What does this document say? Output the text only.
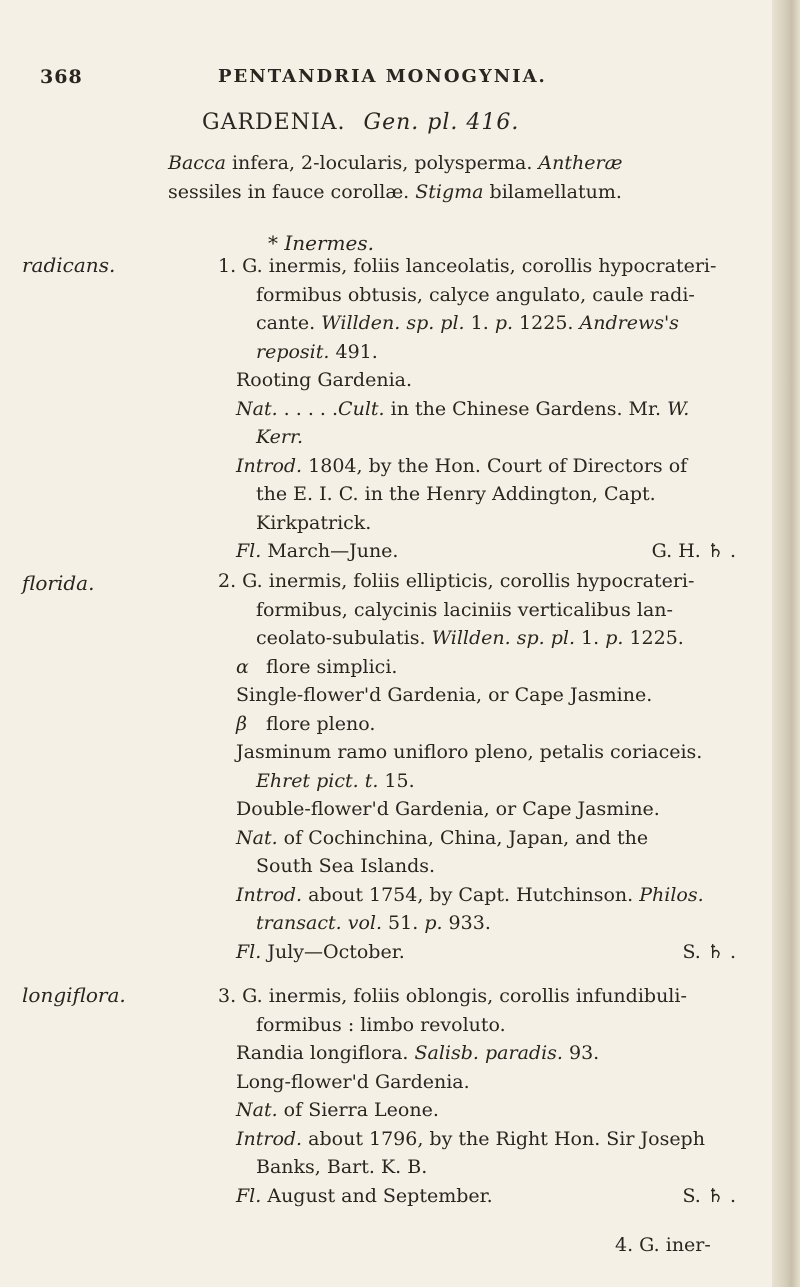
368	PENTANDRIA MONOGYNIA.
GARDENIA. Gen. pl. 416.
Bacca infera, 2-locularis, polysperma. Antheræ
sessiles in fauce corollæ. Stigma bilamellatum.
* Inermes.
radicans.	1. G. inermis, foliis lanceolatis, corollis hypocrateri-
formibus obtusis, calyce angulato, caule radi-
cante. Willden. sp. pl. 1. p. 1225. Andrews's
reposit. 491.
Rooting Gardenia.
Nat. . . . . .Cult. in the Chinese Gardens. Mr. W.
Kerr.
Introd. 1804, by the Hon. Court of Directors of
the E. I. C. in the Henry Addington, Capt.
Kirkpatrick.
Fl. March—June.	G. H. ♄ .
florida.	2. G. inermis, foliis ellipticis, corollis hypocrateri-
formibus, calycinis laciniis verticalibus lan-
ceolato-subulatis. Willden. sp. pl. 1. p. 1225.
α flore simplici.
Single-flower'd Gardenia, or Cape Jasmine.
β flore pleno.
Jasminum ramo unifloro pleno, petalis coriaceis.
Ehret pict. t. 15.
Double-flower'd Gardenia, or Cape Jasmine.
Nat. of Cochinchina, China, Japan, and the
South Sea Islands.
Introd. about 1754, by Capt. Hutchinson. Philos.
transact. vol. 51. p. 933.
Fl. July—October.	S. ♄ .
longiflora.	3. G. inermis, foliis oblongis, corollis infundibuli-
formibus : limbo revoluto.
Randia longiflora. Salisb. paradis. 93.
Long-flower'd Gardenia.
Nat. of Sierra Leone.
Introd. about 1796, by the Right Hon. Sir Joseph
Banks, Bart. K. B.
Fl. August and September.	S. ♄ .
4. G. iner-
